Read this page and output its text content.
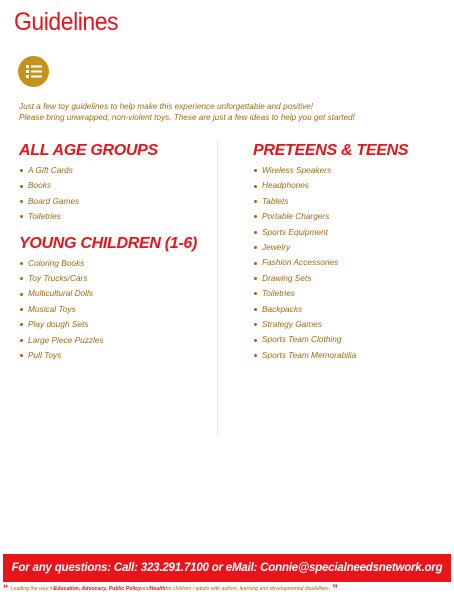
Guidelines
Just a few toy guidelines to help make this experience unforgettable and positive!
Please bring unwrapped, non-violent toys. These are just a few ideas to help you get started!
ALL AGE GROUPS
A Gift Cards
Books
Board Games
Toiletries
YOUNG CHILDREN (1-6)
Coloring Books
Toy Trucks/Cars
Multicultural Dolls
Musical Toys
Play dough Sets
Large Piece Puzzles
Pull Toys
PRETEENS & TEENS
Wireless Speakers
Headphones
Tablets
Portable Chargers
Sports Equipment
Jewelry
Fashion Accessories
Drawing Sets
Toiletries
Backpacks
Strategy Games
Sports Team Clothing
Sports Team Memorabilia
For any questions: Call: 323.291.7100 or eMail: Connie@specialneedsnetwork.org
“ Leading the way in Education, Advocacy, Public Policy and Health for children / adults with autism, learning and developmental disabilities. ”
